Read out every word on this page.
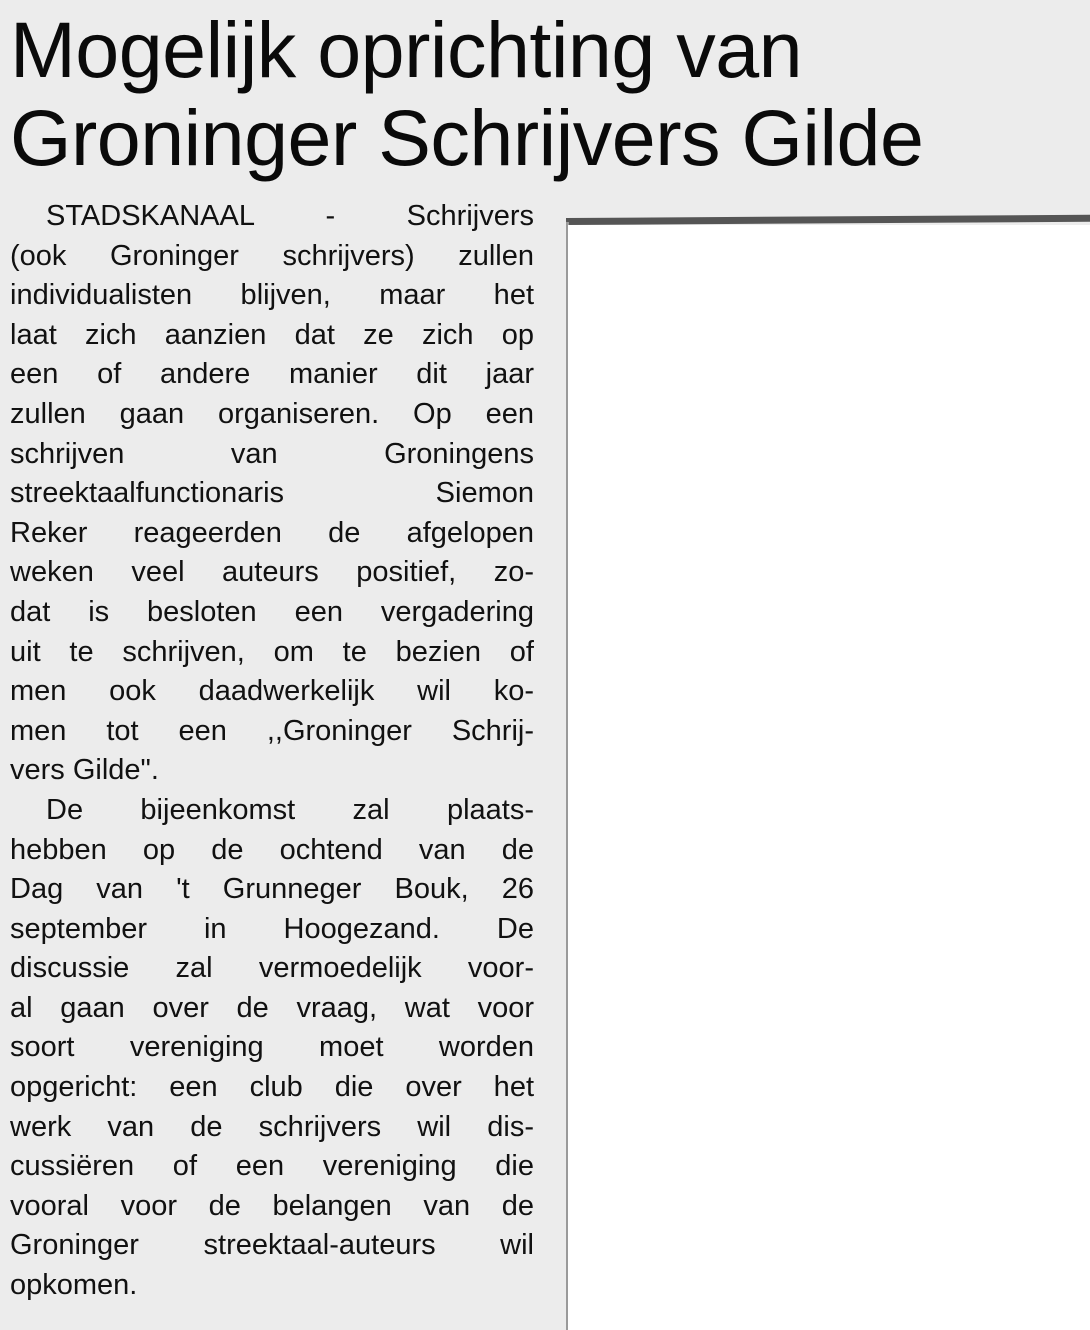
Mogelijk oprichting van
Groninger Schrijvers Gilde
STADSKANAAL - Schrijvers
(ook Groninger schrijvers) zullen
individualisten blijven, maar het
laat zich aanzien dat ze zich op
een of andere manier dit jaar
zullen gaan organiseren. Op een
schrijven van Groningens
streektaalfunctionaris Siemon
Reker reageerden de afgelopen
weken veel auteurs positief, zo-
dat is besloten een vergadering
uit te schrijven, om te bezien of
men ook daadwerkelijk wil ko-
men tot een ,,Groninger Schrij-
vers Gilde".
De bijeenkomst zal plaats-
hebben op de ochtend van de
Dag van 't Grunneger Bouk, 26
september in Hoogezand. De
discussie zal vermoedelijk voor-
al gaan over de vraag, wat voor
soort vereniging moet worden
opgericht: een club die over het
werk van de schrijvers wil dis-
cussiëren of een vereniging die
vooral voor de belangen van de
Groninger streektaal-auteurs wil
opkomen.
